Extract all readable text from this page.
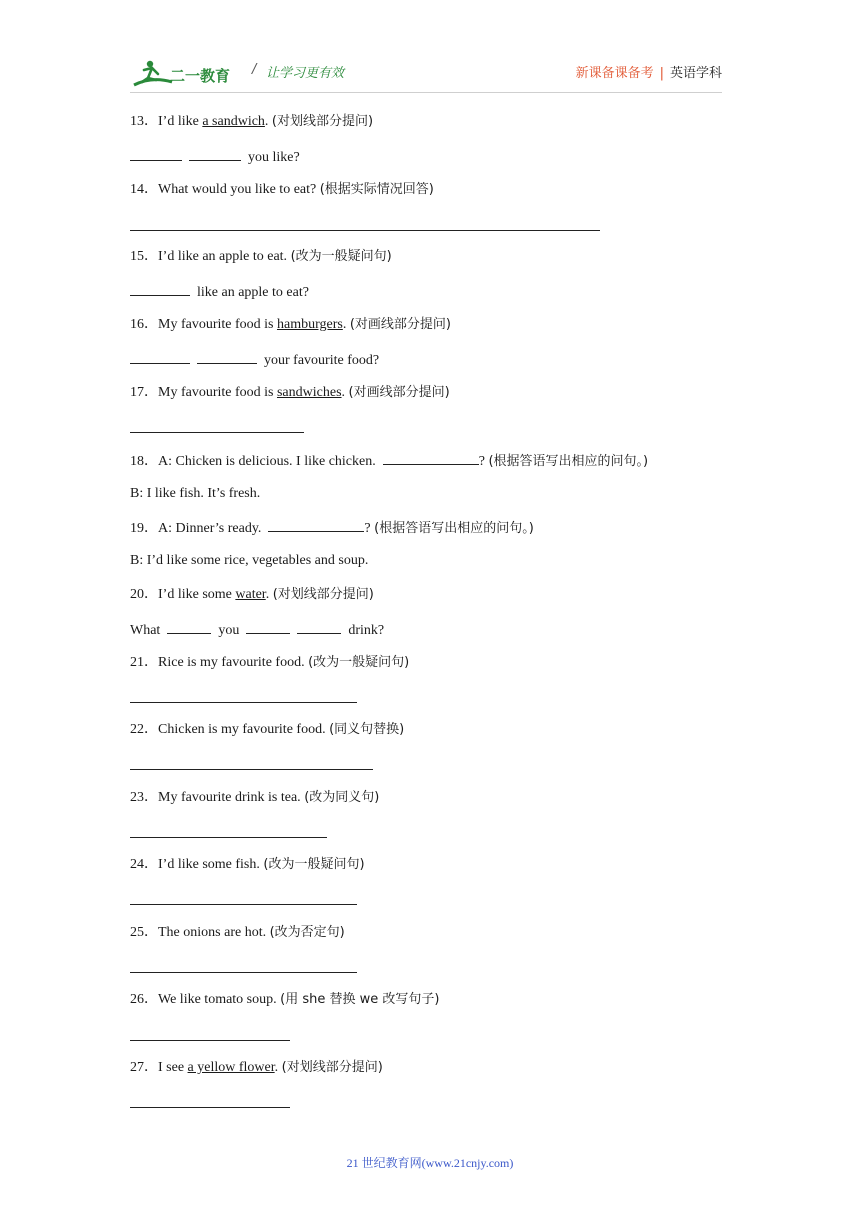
二一教育 / 让学习更有效	新课备课备考 | 英语学科
13．I’d like a sandwich. (对划线部分提问)
you like?
14．What would you like to eat? (根据实际情况回答)
15．I’d like an apple to eat. (改为一般疑问句)
like an apple to eat?
16．My favourite food is hamburgers. (对画线部分提问)
your favourite food?
17．My favourite food is sandwiches. (对画线部分提问)
18．A: Chicken is delicious. I like chicken.	? (根据答语写出相应的问句。)
B: I like fish. It’s fresh.
19．A: Dinner’s ready.	? (根据答语写出相应的问句。)
B: I’d like some rice, vegetables and soup.
20．I’d like some water. (对划线部分提问)
What	you	drink?
21．Rice is my favourite food. (改为一般疑问句)
22．Chicken is my favourite food. (同义句替换)
23．My favourite drink is tea. (改为同义句)
24．I’d like some fish. (改为一般疑问句)
25．The onions are hot. (改为否定句)
26．We like tomato soup. (用 she 替换 we 改写句子)
27．I see a yellow flower. (对划线部分提问)
21 世纪教育网(www.21cnjy.com)
